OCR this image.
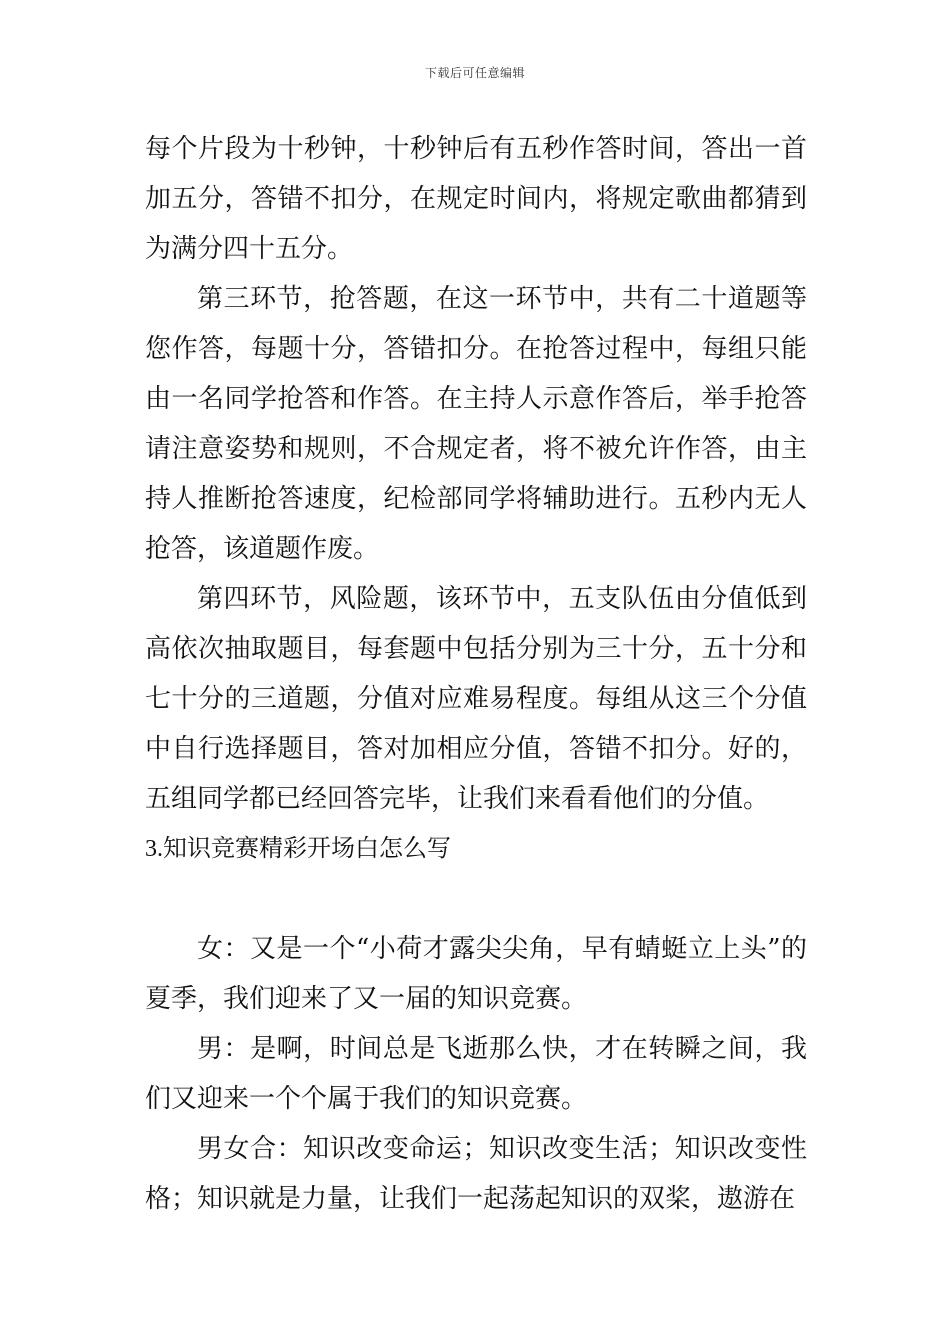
下载后可任意编辑

每个片段为十秒钟，十秒钟后有五秒作答时间，答出一首加五分，答错不扣分，在规定时间内，将规定歌曲都猜到为满分四十五分。

第三环节，抢答题，在这一环节中，共有二十道题等您作答，每题十分，答错扣分。在抢答过程中，每组只能由一名同学抢答和作答。在主持人示意作答后，举手抢答请注意姿势和规则，不合规定者，将不被允许作答，由主持人推断抢答速度，纪检部同学将辅助进行。五秒内无人抢答，该道题作废。

第四环节，风险题，该环节中，五支队伍由分值低到高依次抽取题目，每套题中包括分别为三十分，五十分和七十分的三道题，分值对应难易程度。每组从这三个分值中自行选择题目，答对加相应分值，答错不扣分。好的，五组同学都已经回答完毕，让我们来看看他们的分值。

3.知识竞赛精彩开场白怎么写

女：又是一个“小荷才露尖尖角，早有蜻蜓立上头”的夏季，我们迎来了又一届的知识竞赛。

男：是啊，时间总是飞逝那么快，才在转瞬之间，我们又迎来一个个属于我们的知识竞赛。

男女合：知识改变命运；知识改变生活；知识改变性格；知识就是力量，让我们一起荡起知识的双桨，遨游在
